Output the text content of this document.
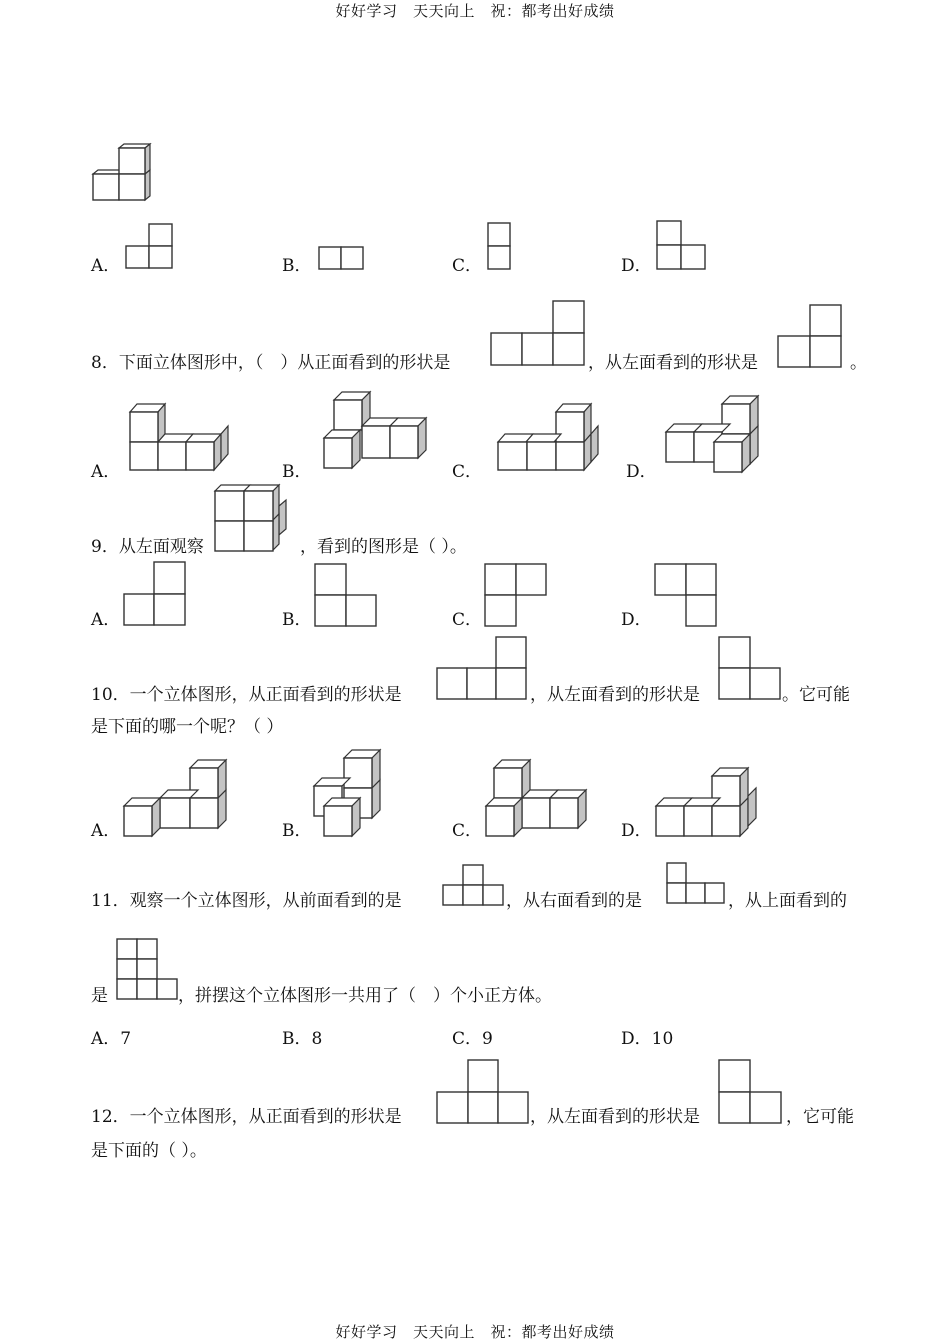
好好学习　天天向上　祝：都考出好成绩
A．	B．	C．	D．
8．下面立体图形中，（　）从正面看到的形状是	，从左面看到的形状是	。
A．	B．	C．	D．
9．从左面观察	，看到的图形是（ ）。
A．	B．	C．	D．
10．一个立体图形，从正面看到的形状是	，从左面看到的形状是	。它可能
是下面的哪一个呢？（ ）
A．	B．	C．	D．
11．观察一个立体图形，从前面看到的是	，从右面看到的是	，从上面看到的
是	，拼摆这个立体图形一共用了（　）个小正方体。
A．7	B．8	C．9	D．10
12．一个立体图形，从正面看到的形状是	，从左面看到的形状是	，它可能
是下面的（ ）。
好好学习　天天向上　祝：都考出好成绩
